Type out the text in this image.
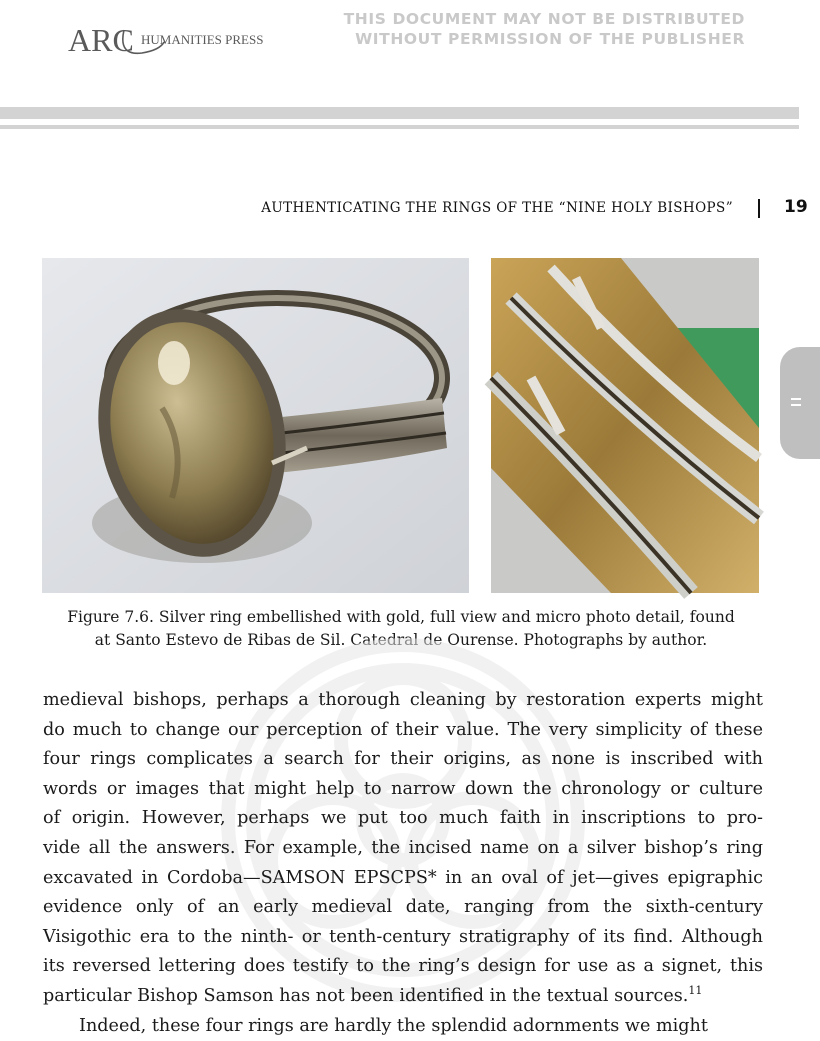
ARC HUMANITIES PRESS
THIS DOCUMENT MAY NOT BE DISTRIBUTED
WITHOUT PERMISSION OF THE PUBLISHER
AUTHENTICATING THE RINGS OF THE “NINE HOLY BISHOPS”	19
Figure 7.6. Silver ring embellished with gold, full view and micro photo detail, found
at Santo Estevo de Ribas de Sil. Catedral de Ourense. Photographs by author.
medieval bishops, perhaps a thorough cleaning by restoration experts might
do much to change our perception of their value. The very simplicity of these
four rings complicates a search for their origins, as none is inscribed with
words or images that might help to narrow down the chronology or culture
of origin. However, perhaps we put too much faith in inscriptions to pro-
vide all the answers. For example, the incised name on a silver bishop’s ring
excavated in Cordoba—SAMSON EPSCPS* in an oval of jet—gives epigraphic
evidence only of an early medieval date, ranging from the sixth-century
Visigothic era to the ninth- or tenth-century stratigraphy of its find. Although
its reversed lettering does testify to the ring’s design for use as a signet, this
particular Bishop Samson has not been identified in the textual sources.$^{11}$
Indeed, these four rings are hardly the splendid adornments we might
